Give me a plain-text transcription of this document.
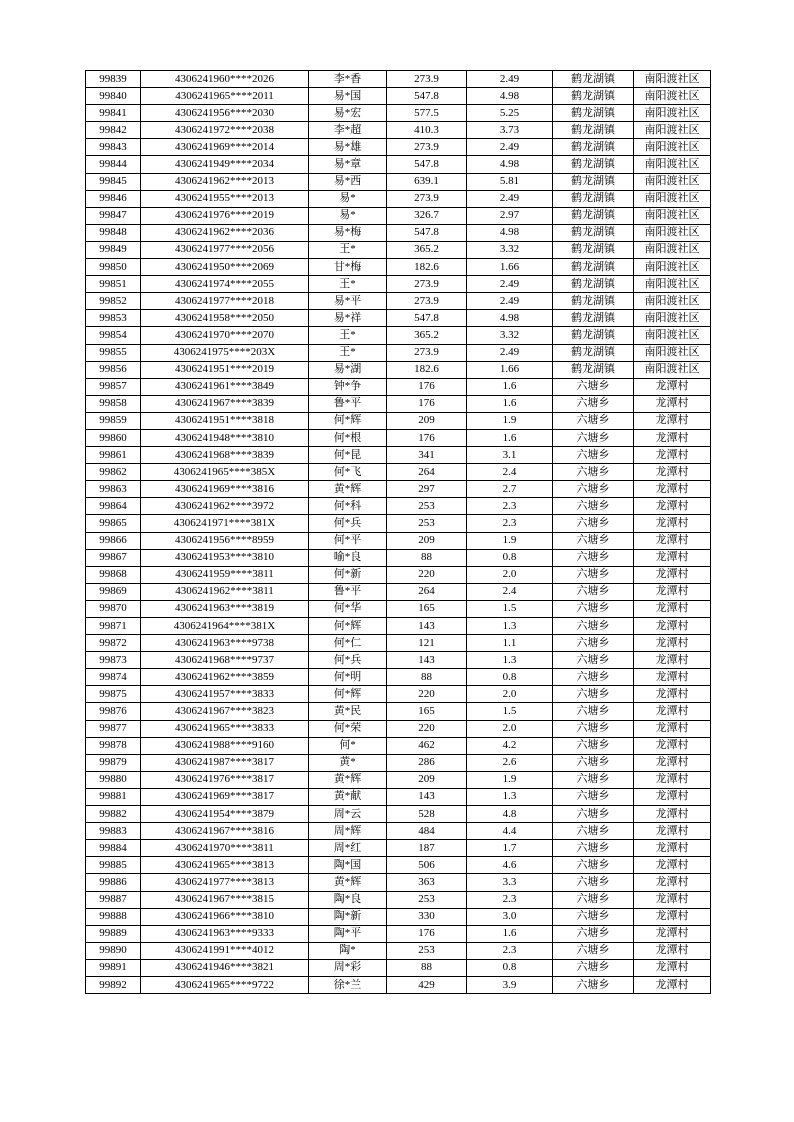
99839	4306241960****2026	李*香	273.9	2.49	鹤龙湖镇	南阳渡社区
99840	4306241965****2011	易*国	547.8	4.98	鹤龙湖镇	南阳渡社区
99841	4306241956****2030	易*宏	577.5	5.25	鹤龙湖镇	南阳渡社区
99842	4306241972****2038	李*超	410.3	3.73	鹤龙湖镇	南阳渡社区
99843	4306241969****2014	易*雄	273.9	2.49	鹤龙湖镇	南阳渡社区
99844	4306241949****2034	易*章	547.8	4.98	鹤龙湖镇	南阳渡社区
99845	4306241962****2013	易*西	639.1	5.81	鹤龙湖镇	南阳渡社区
99846	4306241955****2013	易*	273.9	2.49	鹤龙湖镇	南阳渡社区
99847	4306241976****2019	易*	326.7	2.97	鹤龙湖镇	南阳渡社区
99848	4306241962****2036	易*梅	547.8	4.98	鹤龙湖镇	南阳渡社区
99849	4306241977****2056	王*	365.2	3.32	鹤龙湖镇	南阳渡社区
99850	4306241950****2069	甘*梅	182.6	1.66	鹤龙湖镇	南阳渡社区
99851	4306241974****2055	王*	273.9	2.49	鹤龙湖镇	南阳渡社区
99852	4306241977****2018	易*平	273.9	2.49	鹤龙湖镇	南阳渡社区
99853	4306241958****2050	易*祥	547.8	4.98	鹤龙湖镇	南阳渡社区
99854	4306241970****2070	王*	365.2	3.32	鹤龙湖镇	南阳渡社区
99855	4306241975****203X	王*	273.9	2.49	鹤龙湖镇	南阳渡社区
99856	4306241951****2019	易*湖	182.6	1.66	鹤龙湖镇	南阳渡社区
99857	4306241961****3849	钟*争	176	1.6	六塘乡	龙潭村
99858	4306241967****3839	鲁*平	176	1.6	六塘乡	龙潭村
99859	4306241951****3818	何*辉	209	1.9	六塘乡	龙潭村
99860	4306241948****3810	何*根	176	1.6	六塘乡	龙潭村
99861	4306241968****3839	何*昆	341	3.1	六塘乡	龙潭村
99862	4306241965****385X	何*飞	264	2.4	六塘乡	龙潭村
99863	4306241969****3816	黄*辉	297	2.7	六塘乡	龙潭村
99864	4306241962****3972	何*科	253	2.3	六塘乡	龙潭村
99865	4306241971****381X	何*兵	253	2.3	六塘乡	龙潭村
99866	4306241956****8959	何*平	209	1.9	六塘乡	龙潭村
99867	4306241953****3810	喻*良	88	0.8	六塘乡	龙潭村
99868	4306241959****3811	何*新	220	2.0	六塘乡	龙潭村
99869	4306241962****3811	鲁*平	264	2.4	六塘乡	龙潭村
99870	4306241963****3819	何*华	165	1.5	六塘乡	龙潭村
99871	4306241964****381X	何*辉	143	1.3	六塘乡	龙潭村
99872	4306241963****9738	何*仁	121	1.1	六塘乡	龙潭村
99873	4306241968****9737	何*兵	143	1.3	六塘乡	龙潭村
99874	4306241962****3859	何*明	88	0.8	六塘乡	龙潭村
99875	4306241957****3833	何*辉	220	2.0	六塘乡	龙潭村
99876	4306241967****3823	黄*民	165	1.5	六塘乡	龙潭村
99877	4306241965****3833	何*荣	220	2.0	六塘乡	龙潭村
99878	4306241988****9160	何*	462	4.2	六塘乡	龙潭村
99879	4306241987****3817	黄*	286	2.6	六塘乡	龙潭村
99880	4306241976****3817	黄*辉	209	1.9	六塘乡	龙潭村
99881	4306241969****3817	黄*献	143	1.3	六塘乡	龙潭村
99882	4306241954****3879	周*云	528	4.8	六塘乡	龙潭村
99883	4306241967****3816	周*辉	484	4.4	六塘乡	龙潭村
99884	4306241970****3811	周*红	187	1.7	六塘乡	龙潭村
99885	4306241965****3813	陶*国	506	4.6	六塘乡	龙潭村
99886	4306241977****3813	黄*辉	363	3.3	六塘乡	龙潭村
99887	4306241967****3815	陶*良	253	2.3	六塘乡	龙潭村
99888	4306241966****3810	陶*新	330	3.0	六塘乡	龙潭村
99889	4306241963****9333	陶*平	176	1.6	六塘乡	龙潭村
99890	4306241991****4012	陶*	253	2.3	六塘乡	龙潭村
99891	4306241946****3821	周*彩	88	0.8	六塘乡	龙潭村
99892	4306241965****9722	徐*兰	429	3.9	六塘乡	龙潭村
